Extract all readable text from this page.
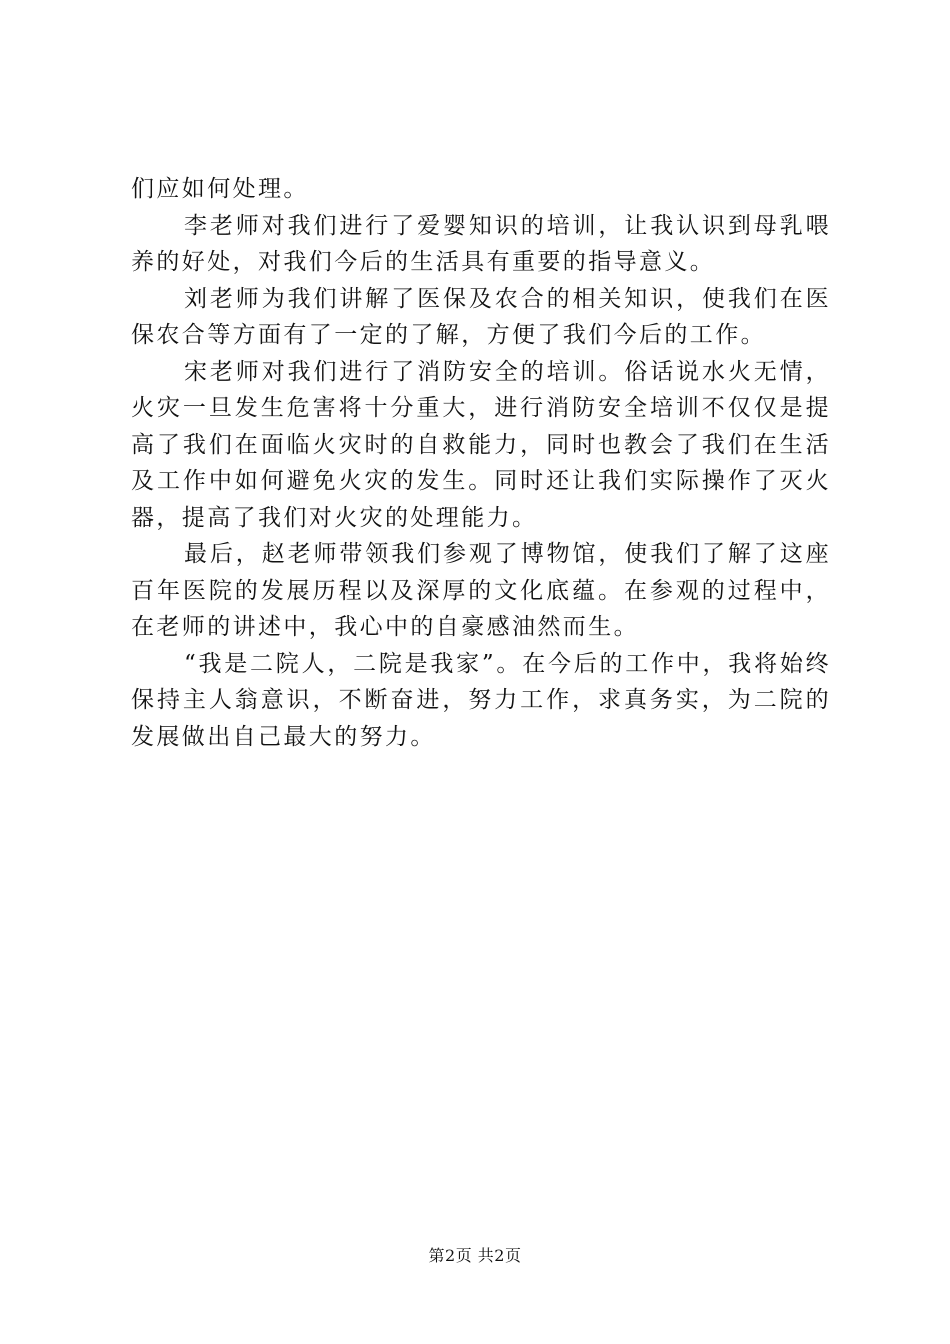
们应如何处理。

李老师对我们进行了爱婴知识的培训，让我认识到母乳喂养的好处，对我们今后的生活具有重要的指导意义。

刘老师为我们讲解了医保及农合的相关知识，使我们在医保农合等方面有了一定的了解，方便了我们今后的工作。

宋老师对我们进行了消防安全的培训。俗话说水火无情，火灾一旦发生危害将十分重大，进行消防安全培训不仅仅是提高了我们在面临火灾时的自救能力，同时也教会了我们在生活及工作中如何避免火灾的发生。同时还让我们实际操作了灭火器，提高了我们对火灾的处理能力。

最后，赵老师带领我们参观了博物馆，使我们了解了这座百年医院的发展历程以及深厚的文化底蕴。在参观的过程中，在老师的讲述中，我心中的自豪感油然而生。

“我是二院人，二院是我家”。在今后的工作中，我将始终保持主人翁意识，不断奋进，努力工作，求真务实，为二院的发展做出自己最大的努力。

第2页 共2页
